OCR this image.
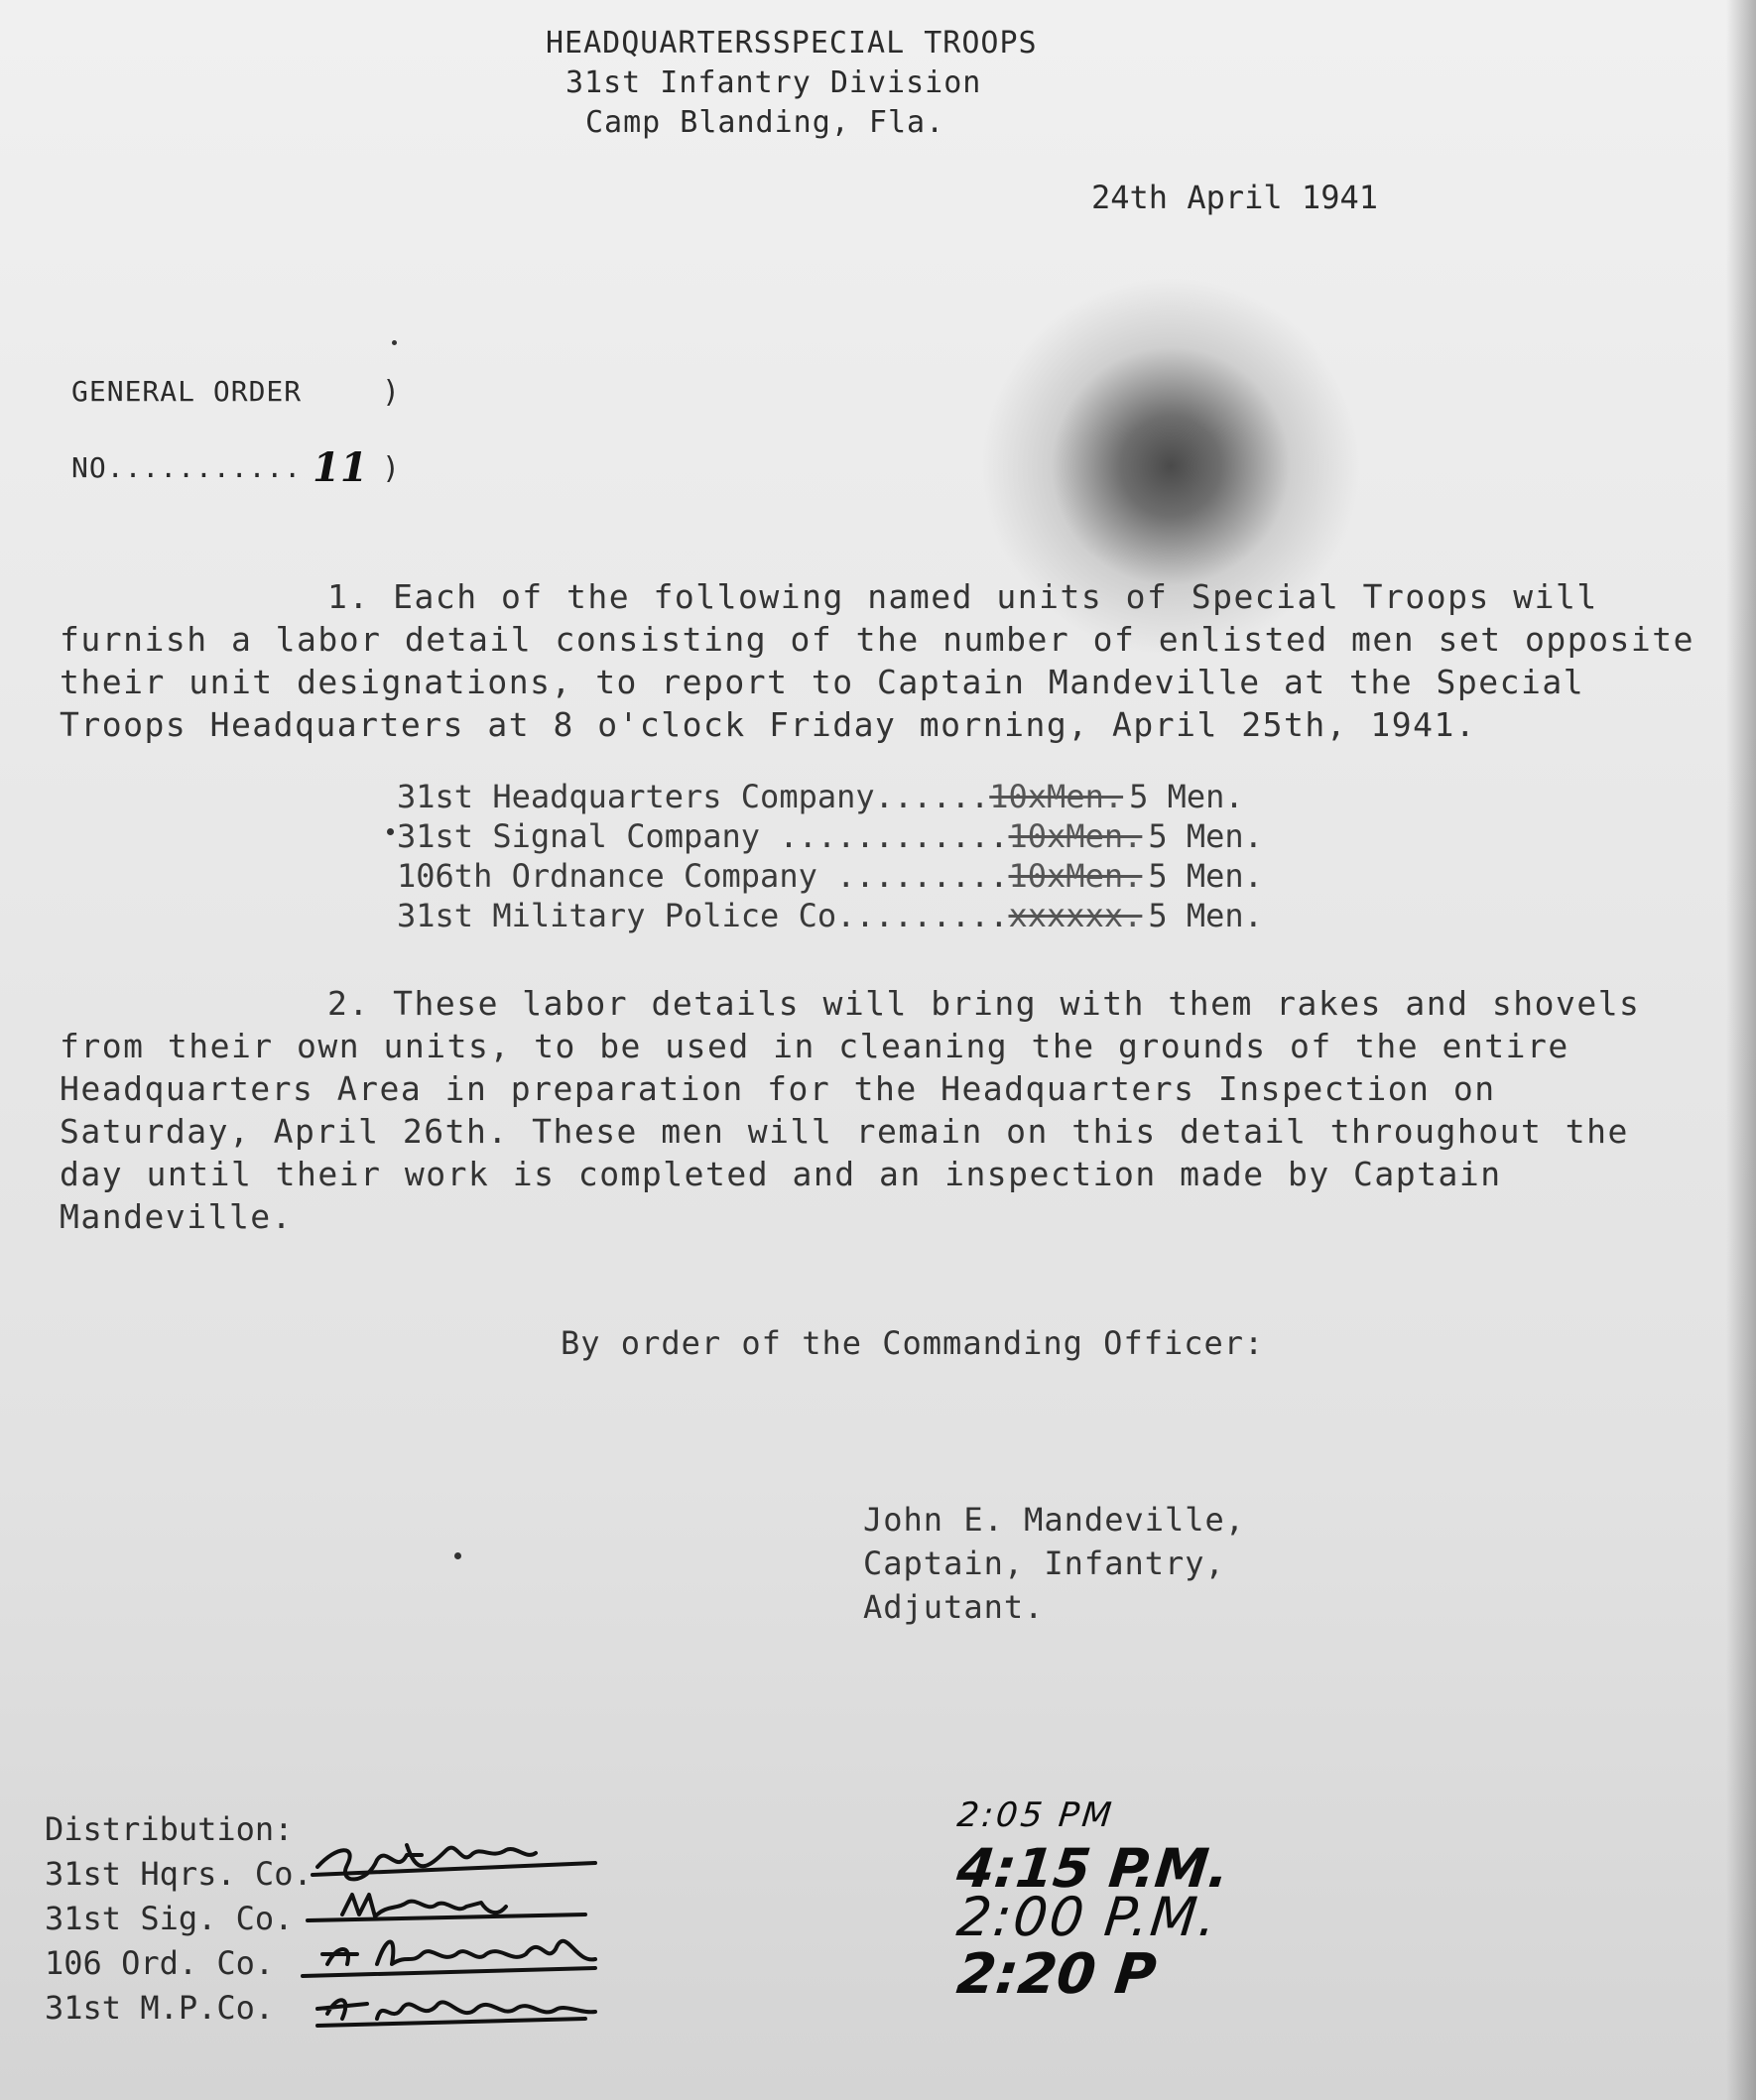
HEADQUARTERSSPECIAL TROOPS
31st Infantry Division
Camp Blanding, Fla.
24th April 1941
GENERAL ORDER	)
NO........... 11 )

1. Each of the following named units of Special Troops will furnish a labor detail consisting of the number of enlisted men set opposite their unit designations, to report to Captain Mandeville at the Special Troops Headquarters at 8 o'clock Friday morning, April 25th, 1941.

31st Headquarters Company...... 10xMen. 5 Men.
31st Signal Company ............ 10xMen. 5 Men.
106th Ordnance Company ......... 10xMen. 5 Men.
31st Military Police Co......... xxxxxx. 5 Men.

2. These labor details will bring with them rakes and shovels from their own units, to be used in cleaning the grounds of the entire Headquarters Area in preparation for the Headquarters Inspection on Saturday, April 26th. These men will remain on this detail throughout the day until their work is completed and an inspection made by Captain Mandeville.

By order of the Commanding Officer:
John E. Mandeville,
Captain, Infantry,
Adjutant.
Distribution:
31st Hqrs. Co.
31st Sig. Co.
106 Ord. Co.
31st M.P.Co.
2:05 PM
4:15 P.M.
2:00 P.M.
2:20 P
